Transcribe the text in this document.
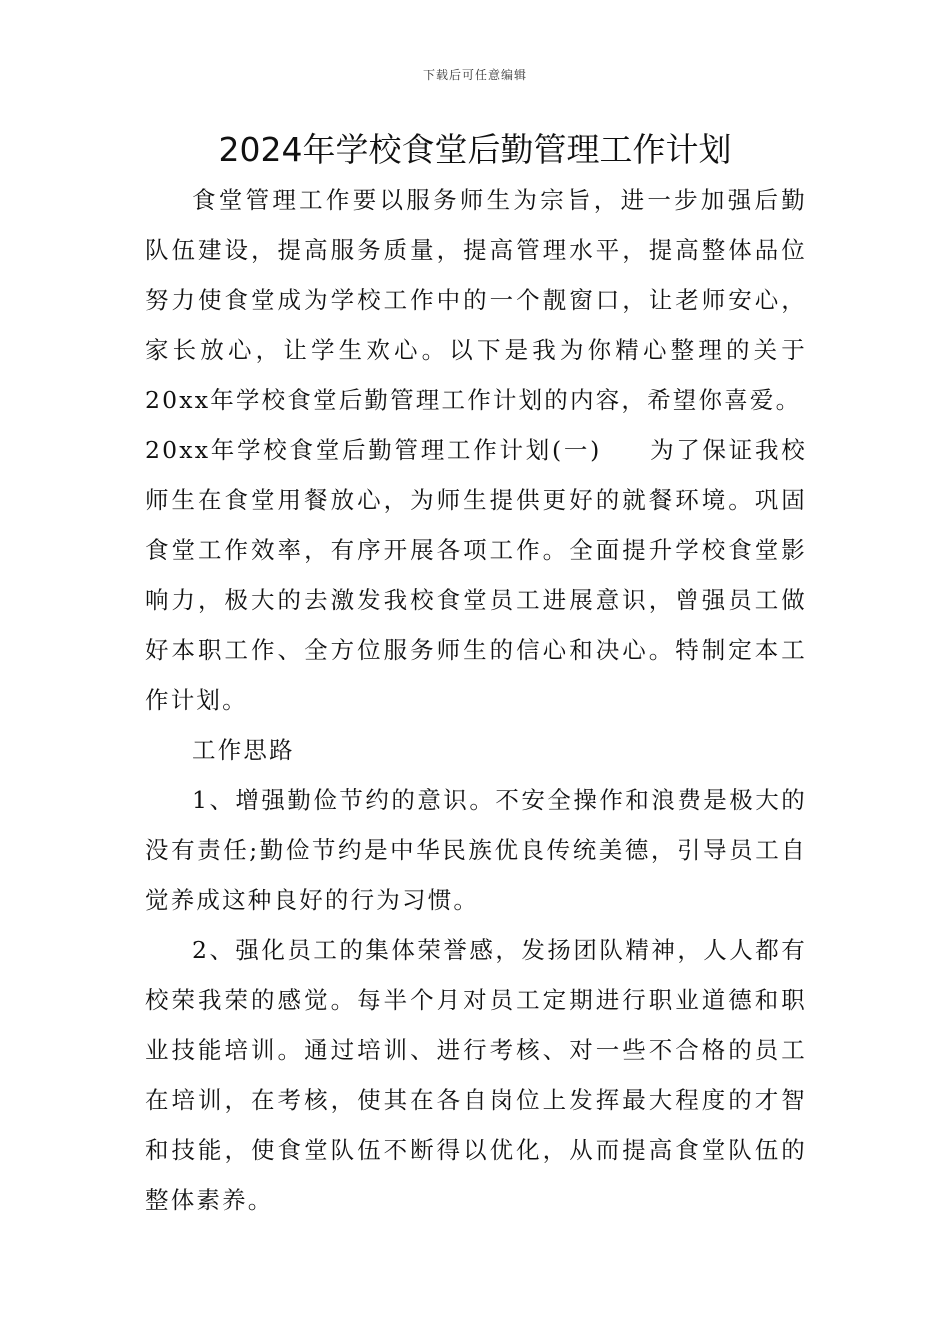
下载后可任意编辑
2024年学校食堂后勤管理工作计划

食堂管理工作要以服务师生为宗旨，进一步加强后勤队伍建设，提高服务质量，提高管理水平，提高整体品位努力使食堂成为学校工作中的一个靓窗口，让老师安心，家长放心，让学生欢心。以下是我为你精心整理的关于20xx年学校食堂后勤管理工作计划的内容，希望你喜爱。

20xx年学校食堂后勤管理工作计划(一) 为了保证我校师生在食堂用餐放心，为师生提供更好的就餐环境。巩固食堂工作效率，有序开展各项工作。全面提升学校食堂影响力，极大的去激发我校食堂员工进展意识，曾强员工做好本职工作、全方位服务师生的信心和决心。特制定本工作计划。

工作思路

1、增强勤俭节约的意识。不安全操作和浪费是极大的没有责任;勤俭节约是中华民族优良传统美德，引导员工自觉养成这种良好的行为习惯。

2、强化员工的集体荣誉感，发扬团队精神，人人都有校荣我荣的感觉。每半个月对员工定期进行职业道德和职业技能培训。通过培训、进行考核、对一些不合格的员工在培训，在考核，使其在各自岗位上发挥最大程度的才智和技能，使食堂队伍不断得以优化，从而提高食堂队伍的整体素养。
